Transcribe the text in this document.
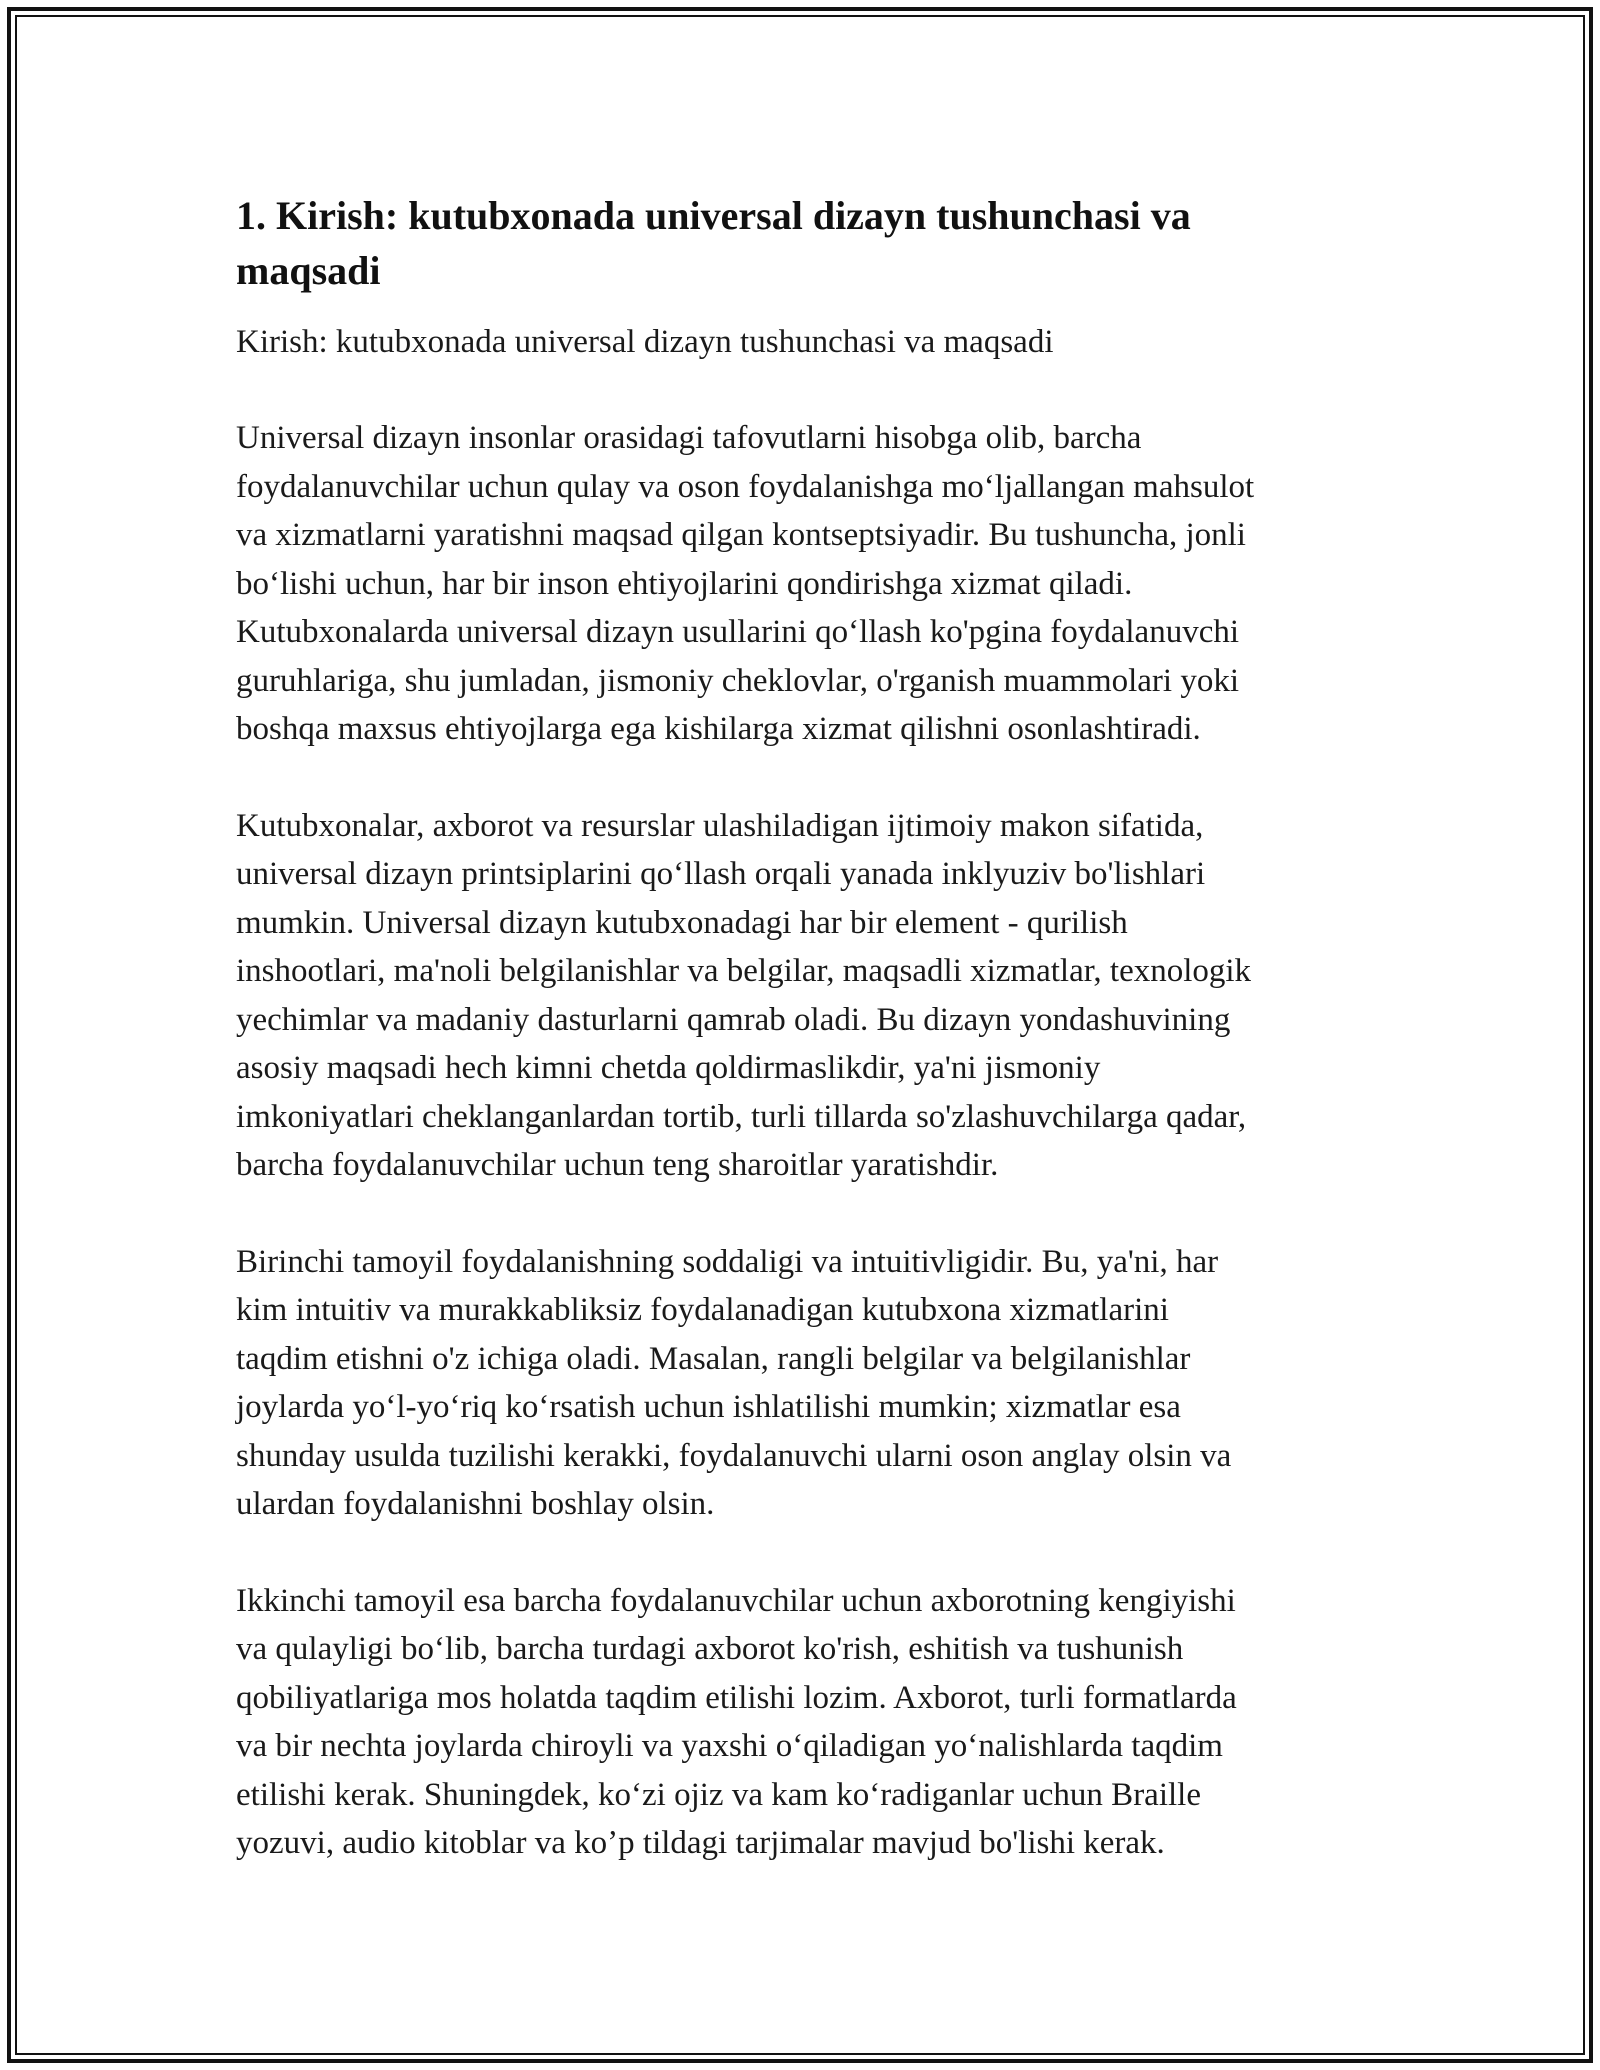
1. Kirish: kutubxonada universal dizayn tushunchasi va
maqsadi

Kirish: kutubxonada universal dizayn tushunchasi va maqsadi

Universal dizayn insonlar orasidagi tafovutlarni hisobga olib, barcha
foydalanuvchilar uchun qulay va oson foydalanishga moʻljallangan mahsulot
va xizmatlarni yaratishni maqsad qilgan kontseptsiyadir. Bu tushuncha, jonli
boʻlishi uchun, har bir inson ehtiyojlarini qondirishga xizmat qiladi.
Kutubxonalarda universal dizayn usullarini qoʻllash ko'pgina foydalanuvchi
guruhlariga, shu jumladan, jismoniy cheklovlar, o'rganish muammolari yoki
boshqa maxsus ehtiyojlarga ega kishilarga xizmat qilishni osonlashtiradi.

Kutubxonalar, axborot va resurslar ulashiladigan ijtimoiy makon sifatida,
universal dizayn printsiplarini qoʻllash orqali yanada inklyuziv bo'lishlari
mumkin. Universal dizayn kutubxonadagi har bir element - qurilish
inshootlari, ma'noli belgilanishlar va belgilar, maqsadli xizmatlar, texnologik
yechimlar va madaniy dasturlarni qamrab oladi. Bu dizayn yondashuvining
asosiy maqsadi hech kimni chetda qoldirmaslikdir, ya'ni jismoniy
imkoniyatlari cheklanganlardan tortib, turli tillarda so'zlashuvchilarga qadar,
barcha foydalanuvchilar uchun teng sharoitlar yaratishdir.

Birinchi tamoyil foydalanishning soddaligi va intuitivligidir. Bu, ya'ni, har
kim intuitiv va murakkabliksiz foydalanadigan kutubxona xizmatlarini
taqdim etishni o'z ichiga oladi. Masalan, rangli belgilar va belgilanishlar
joylarda yoʻl-yoʻriq koʻrsatish uchun ishlatilishi mumkin; xizmatlar esa
shunday usulda tuzilishi kerakki, foydalanuvchi ularni oson anglay olsin va
ulardan foydalanishni boshlay olsin.

Ikkinchi tamoyil esa barcha foydalanuvchilar uchun axborotning kengiyishi
va qulayligi boʻlib, barcha turdagi axborot ko'rish, eshitish va tushunish
qobiliyatlariga mos holatda taqdim etilishi lozim. Axborot, turli formatlarda
va bir nechta joylarda chiroyli va yaxshi oʻqiladigan yoʻnalishlarda taqdim
etilishi kerak. Shuningdek, koʻzi ojiz va kam koʻradiganlar uchun Braille
yozuvi, audio kitoblar va koʼp tildagi tarjimalar mavjud bo'lishi kerak.
